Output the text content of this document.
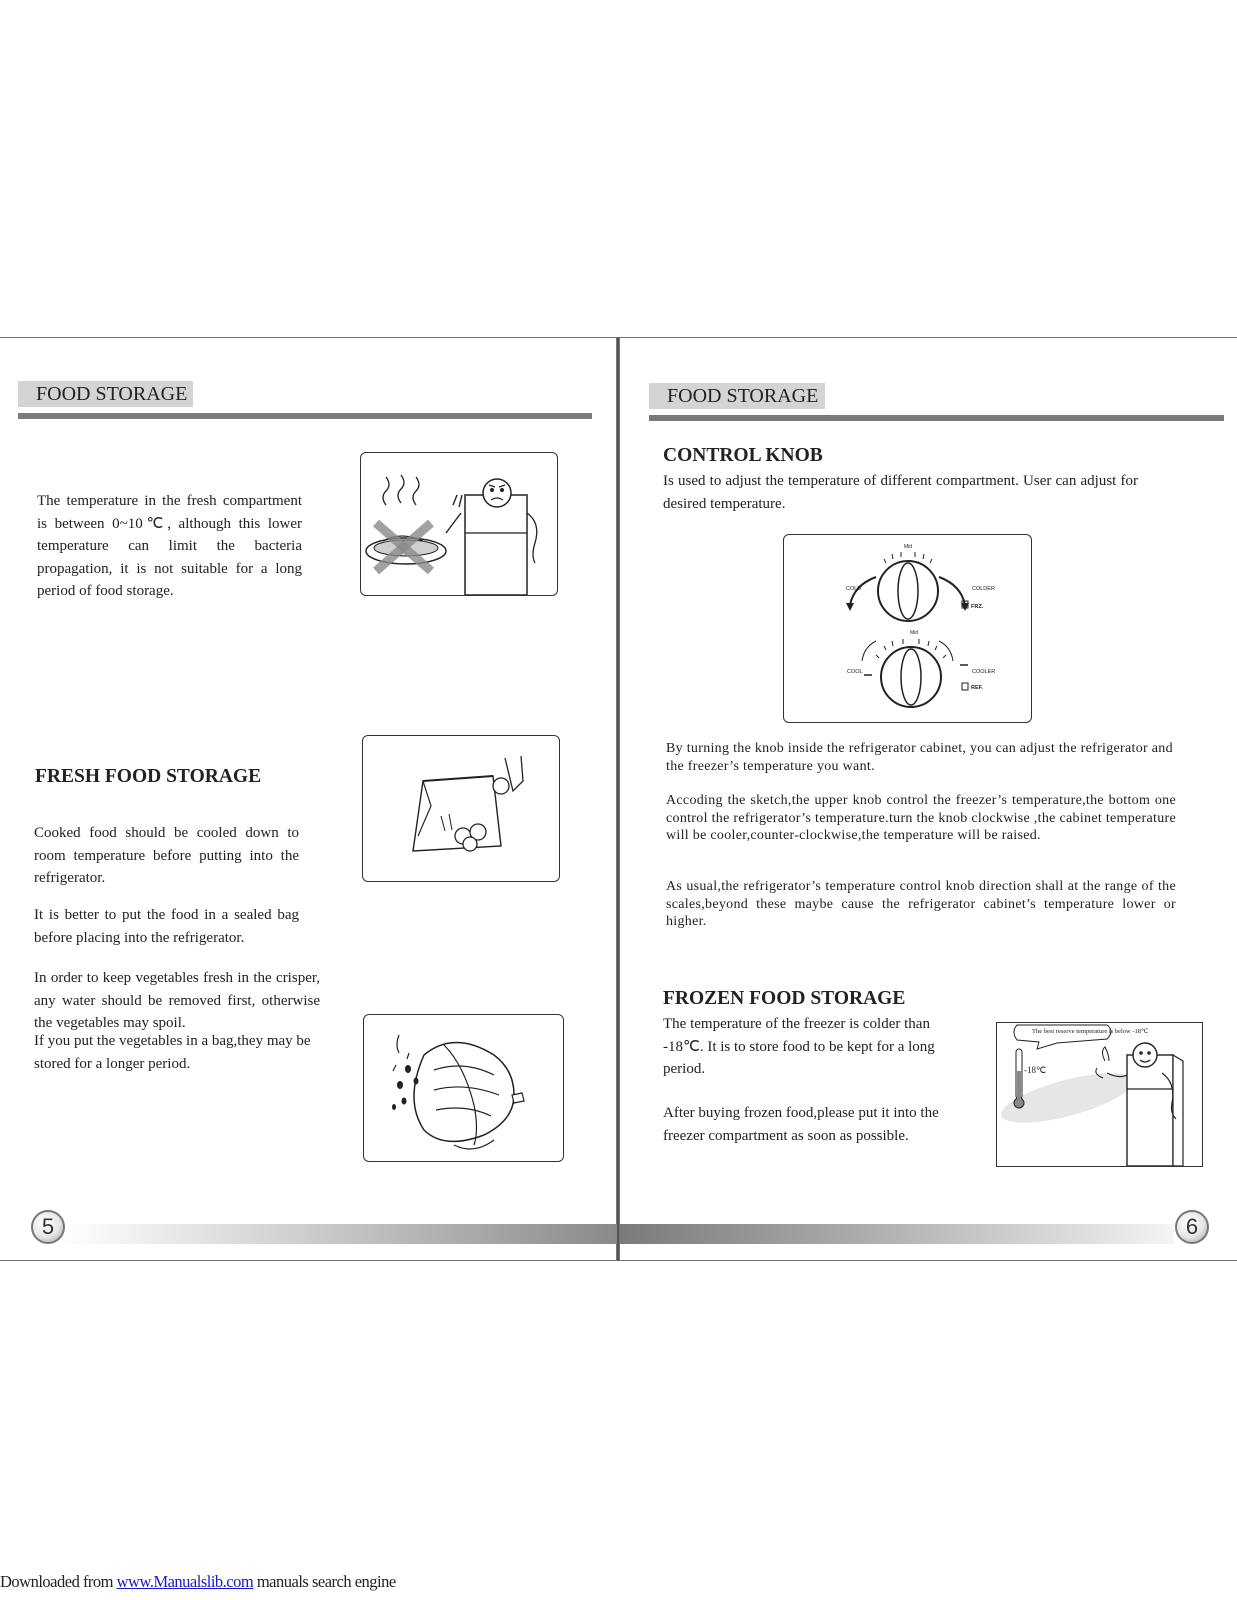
FOOD STORAGE

The temperature in the fresh compartment is between 0~10℃, although this lower temperature can limit the bacteria propagation, it is not suitable for a long period of food storage.

FRESH FOOD STORAGE

Cooked food should be cooled down to room temperature before putting into the refrigerator.

It is better to put the food in a sealed bag before placing into the refrigerator.

In order to keep vegetables fresh in the crisper, any water should be removed first, otherwise the vegetables may spoil.

If you put the vegetables in a bag,they may be stored for a longer period.

5
FOOD STORAGE
CONTROL KNOB

Is used to adjust the temperature of different compartment. User can adjust for desired temperature.

Mid
COLD	COLDER
FRZ.
Mid
COOL	COOLER
REF.

By turning the knob inside the refrigerator cabinet, you can adjust the refrigerator and the freezer’s temperature you want.

Accoding the sketch,the upper knob control the freezer’s temperature,the bottom one control the refrigerator’s temperature.turn the knob clockwise ,the cabinet temperature will be cooler,counter-clockwise,the temperature will be raised.

As usual,the refrigerator’s temperature control knob direction shall at the range of the scales,beyond these maybe cause the refrigerator cabinet’s temperature lower or higher.

FROZEN FOOD STORAGE

The temperature of the freezer is colder than -18℃. It is to store food to be kept for a long period.

After buying frozen food,please put it into the freezer compartment as soon as possible.

The best reserve temperature is below -18℃
-18℃
6
Downloaded from www.Manualslib.com manuals search engine
